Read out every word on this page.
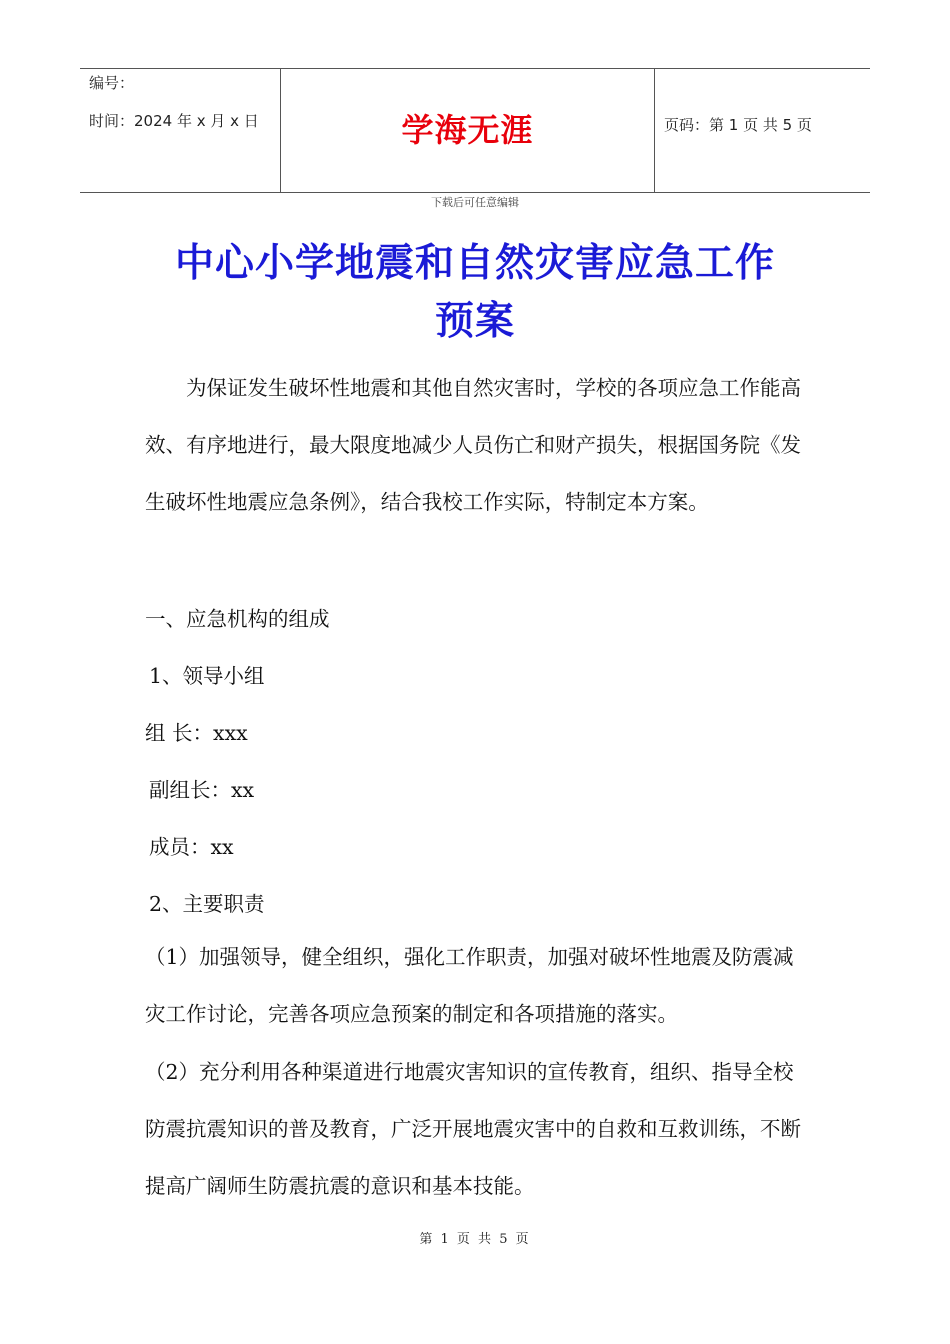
编号：
时间：2024 年 x 月 x 日	学海无涯	页码：第 1 页 共 5 页
下载后可任意编辑
中心小学地震和自然灾害应急工作
预案

为保证发生破坏性地震和其他自然灾害时，学校的各项应急工作能高效、有序地进行，最大限度地减少人员伤亡和财产损失，根据国务院《发生破坏性地震应急条例》，结合我校工作实际，特制定本方案。

一、应急机构的组成
1、领导小组
组 长：xxx
副组长：xx
成员：xx
2、主要职责

（1）加强领导，健全组织，强化工作职责，加强对破坏性地震及防震减灾工作讨论，完善各项应急预案的制定和各项措施的落实。

（2）充分利用各种渠道进行地震灾害知识的宣传教育，组织、指导全校防震抗震知识的普及教育，广泛开展地震灾害中的自救和互救训练，不断提高广阔师生防震抗震的意识和基本技能。

第 1 页 共 5 页
